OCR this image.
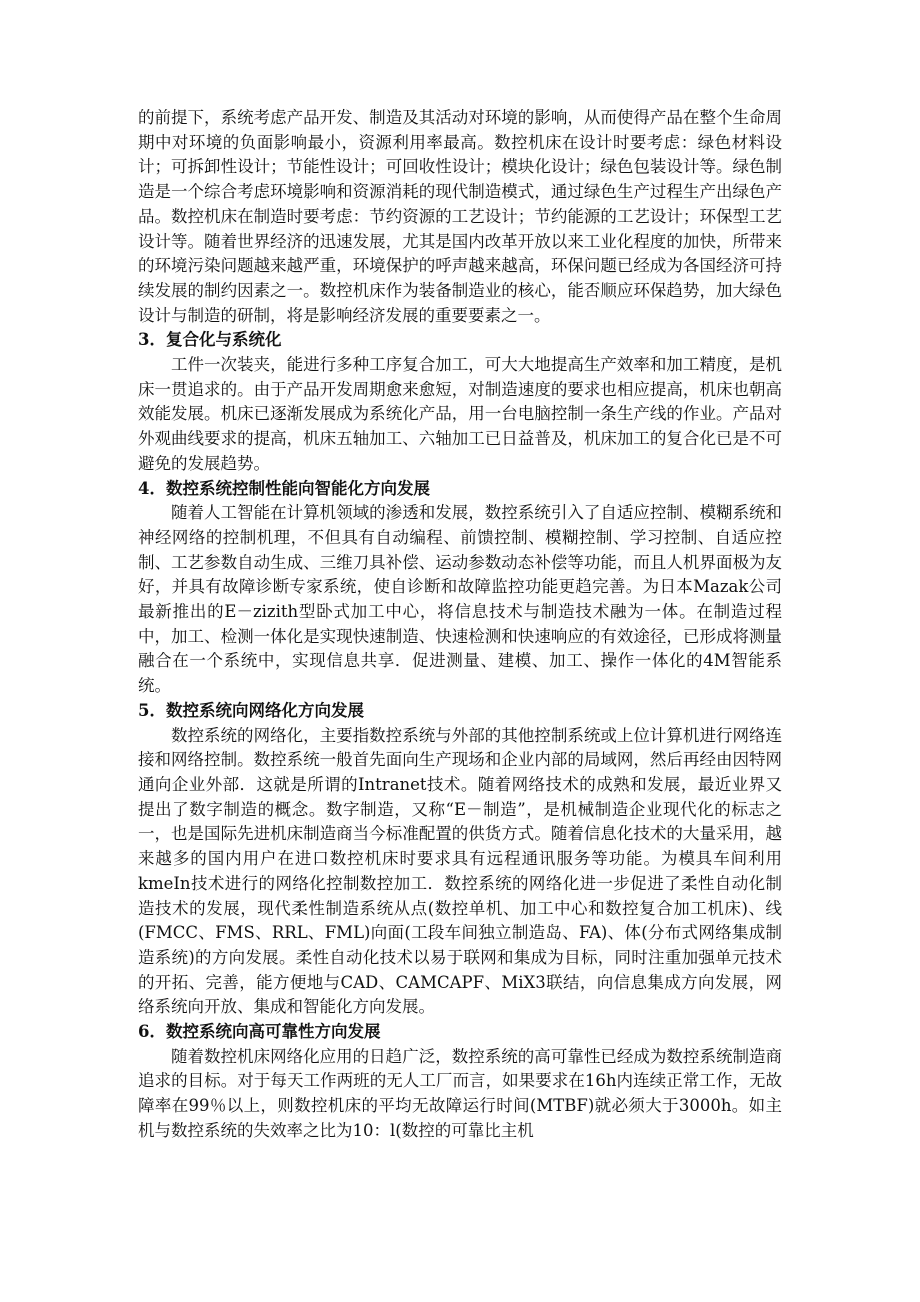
的前提下，系统考虑产品开发、制造及其活动对环境的影响，从而使得产品在整个生命周期中对环境的负面影响最小，资源利用率最高。数控机床在设计时要考虑：绿色材料设计；可拆卸性设计；节能性设计；可回收性设计；模块化设计；绿色包装设计等。绿色制造是一个综合考虑环境影响和资源消耗的现代制造模式，通过绿色生产过程生产出绿色产品。数控机床在制造时要考虑：节约资源的工艺设计；节约能源的工艺设计；环保型工艺设计等。随着世界经济的迅速发展，尤其是国内改革开放以来工业化程度的加快，所带来的环境污染问题越来越严重，环境保护的呼声越来越高，环保问题已经成为各国经济可持续发展的制约因素之一。数控机床作为装备制造业的核心，能否顺应环保趋势，加大绿色设计与制造的研制，将是影响经济发展的重要要素之一。

3．复合化与系统化

工件一次装夹，能进行多种工序复合加工，可大大地提高生产效率和加工精度，是机床一贯追求的。由于产品开发周期愈来愈短，对制造速度的要求也相应提高，机床也朝高效能发展。机床已逐渐发展成为系统化产品，用一台电脑控制一条生产线的作业。产品对外观曲线要求的提高，机床五轴加工、六轴加工已日益普及，机床加工的复合化已是不可避免的发展趋势。

4．数控系统控制性能向智能化方向发展

随着人工智能在计算机领域的渗透和发展，数控系统引入了自适应控制、模糊系统和神经网络的控制机理，不但具有自动编程、前馈控制、模糊控制、学习控制、自适应控制、工艺参数自动生成、三维刀具补偿、运动参数动态补偿等功能，而且人机界面极为友好，并具有故障诊断专家系统，使自诊断和故障监控功能更趋完善。为日本Mazak公司最新推出的E－zizith型卧式加工中心，将信息技术与制造技术融为一体。在制造过程中，加工、检测一体化是实现快速制造、快速检测和快速响应的有效途径，已形成将测量融合在一个系统中，实现信息共享．促进测量、建模、加工、操作一体化的4M智能系统。

5．数控系统向网络化方向发展

数控系统的网络化，主要指数控系统与外部的其他控制系统或上位计算机进行网络连接和网络控制。数控系统一般首先面向生产现场和企业内部的局域网，然后再经由因特网通向企业外部．这就是所谓的Intranet技术。随着网络技术的成熟和发展，最近业界又提出了数字制造的概念。数字制造，又称“E－制造”，是机械制造企业现代化的标志之一，也是国际先进机床制造商当今标准配置的供货方式。随着信息化技术的大量采用，越来越多的国内用户在进口数控机床时要求具有远程通讯服务等功能。为模具车间利用kmeIn技术进行的网络化控制数控加工．数控系统的网络化进一步促进了柔性自动化制造技术的发展，现代柔性制造系统从点(数控单机、加工中心和数控复合加工机床)、线(FMCC、FMS、RRL、FML)向面(工段车间独立制造岛、FA)、体(分布式网络集成制造系统)的方向发展。柔性自动化技术以易于联网和集成为目标，同时注重加强单元技术的开拓、完善，能方便地与CAD、CAMCAPF、MiX3联结，向信息集成方向发展，网络系统向开放、集成和智能化方向发展。

6．数控系统向高可靠性方向发展

随着数控机床网络化应用的日趋广泛，数控系统的高可靠性已经成为数控系统制造商追求的目标。对于每天工作两班的无人工厂而言，如果要求在16h内连续正常工作，无故障率在99％以上，则数控机床的平均无故障运行时间(MTBF)就必须大于3000h。如主机与数控系统的失效率之比为10：l(数控的可靠比主机
